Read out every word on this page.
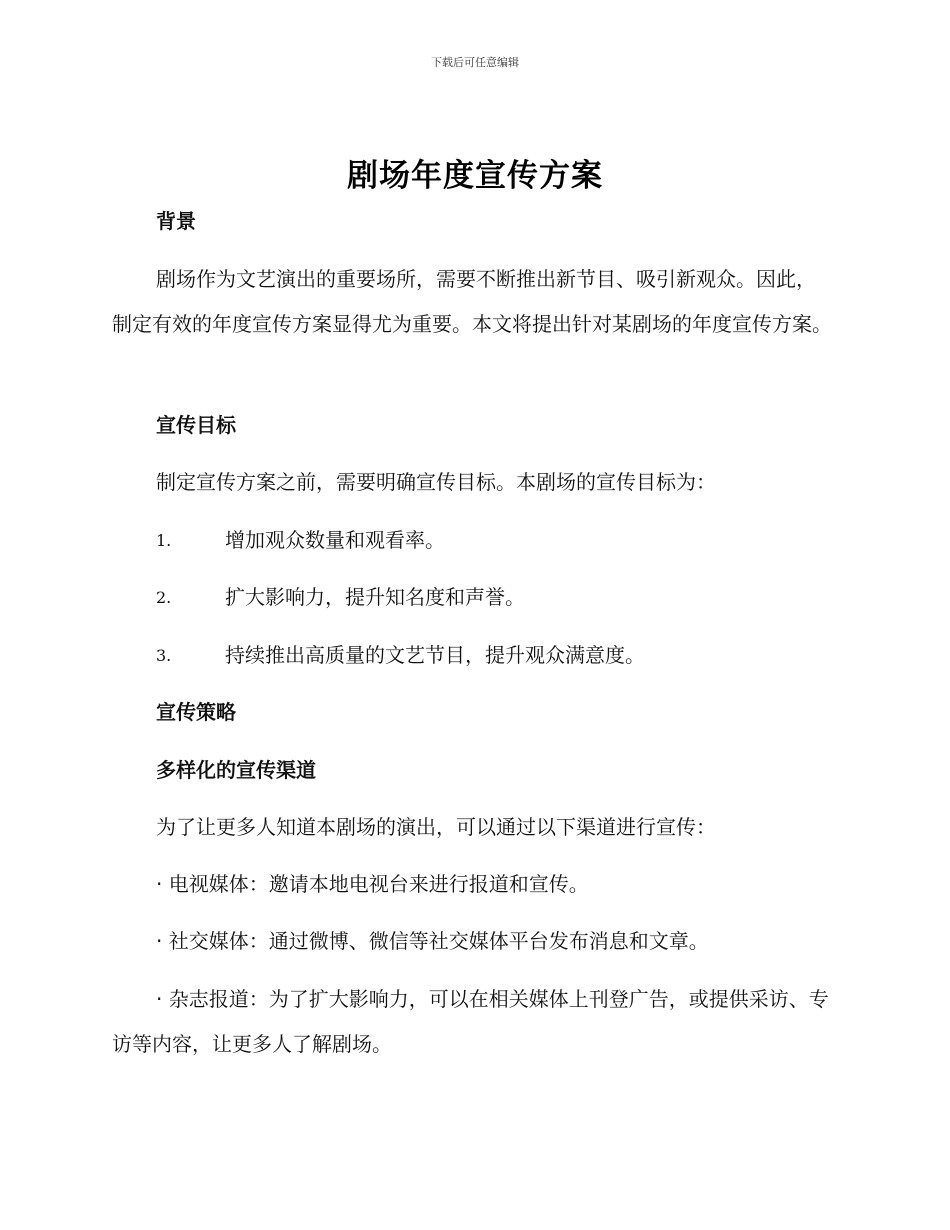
下载后可任意编辑
剧场年度宣传方案

背景

剧场作为文艺演出的重要场所，需要不断推出新节目、吸引新观众。因此，制定有效的年度宣传方案显得尤为重要。本文将提出针对某剧场的年度宣传方案。

宣传目标

制定宣传方案之前，需要明确宣传目标。本剧场的宣传目标为：

1.	增加观众数量和观看率。
2.	扩大影响力，提升知名度和声誉。
3.	持续推出高质量的文艺节目，提升观众满意度。

宣传策略

多样化的宣传渠道

为了让更多人知道本剧场的演出，可以通过以下渠道进行宣传：

· 电视媒体：邀请本地电视台来进行报道和宣传。

· 社交媒体：通过微博、微信等社交媒体平台发布消息和文章。

· 杂志报道：为了扩大影响力，可以在相关媒体上刊登广告，或提供采访、专访等内容，让更多人了解剧场。
